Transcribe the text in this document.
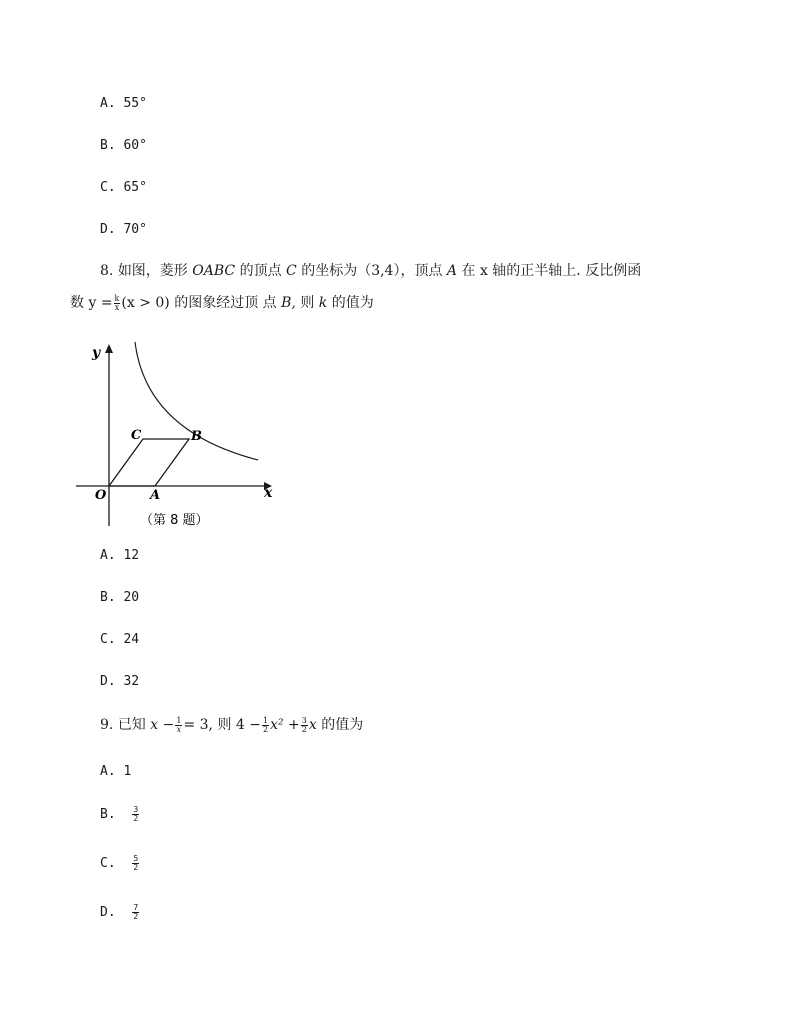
A. 55°
B. 60°
C. 65°
D. 70°
8. 如图，菱形 OABC 的顶点 C 的坐标为（3,4），顶点 A 在 x 轴的正半轴上. 反比例函
数 $y = \frac{k}{x} (x > 0)$ 的图象经过顶 点 B, 则 k 的值为
y
x
O	A
B
C
（第 8 题）
A. 12
B. 20
C. 24
D. 32
9. 已知 $x - \frac{1}{x} = 3$, 则 $4 - \frac{1}{2} x^2 + \frac{3}{2}$ x 的值为
A. 1
B. $\frac{3}{2}$
C. $\frac{5}{2}$
D. $\frac{7}{2}$
